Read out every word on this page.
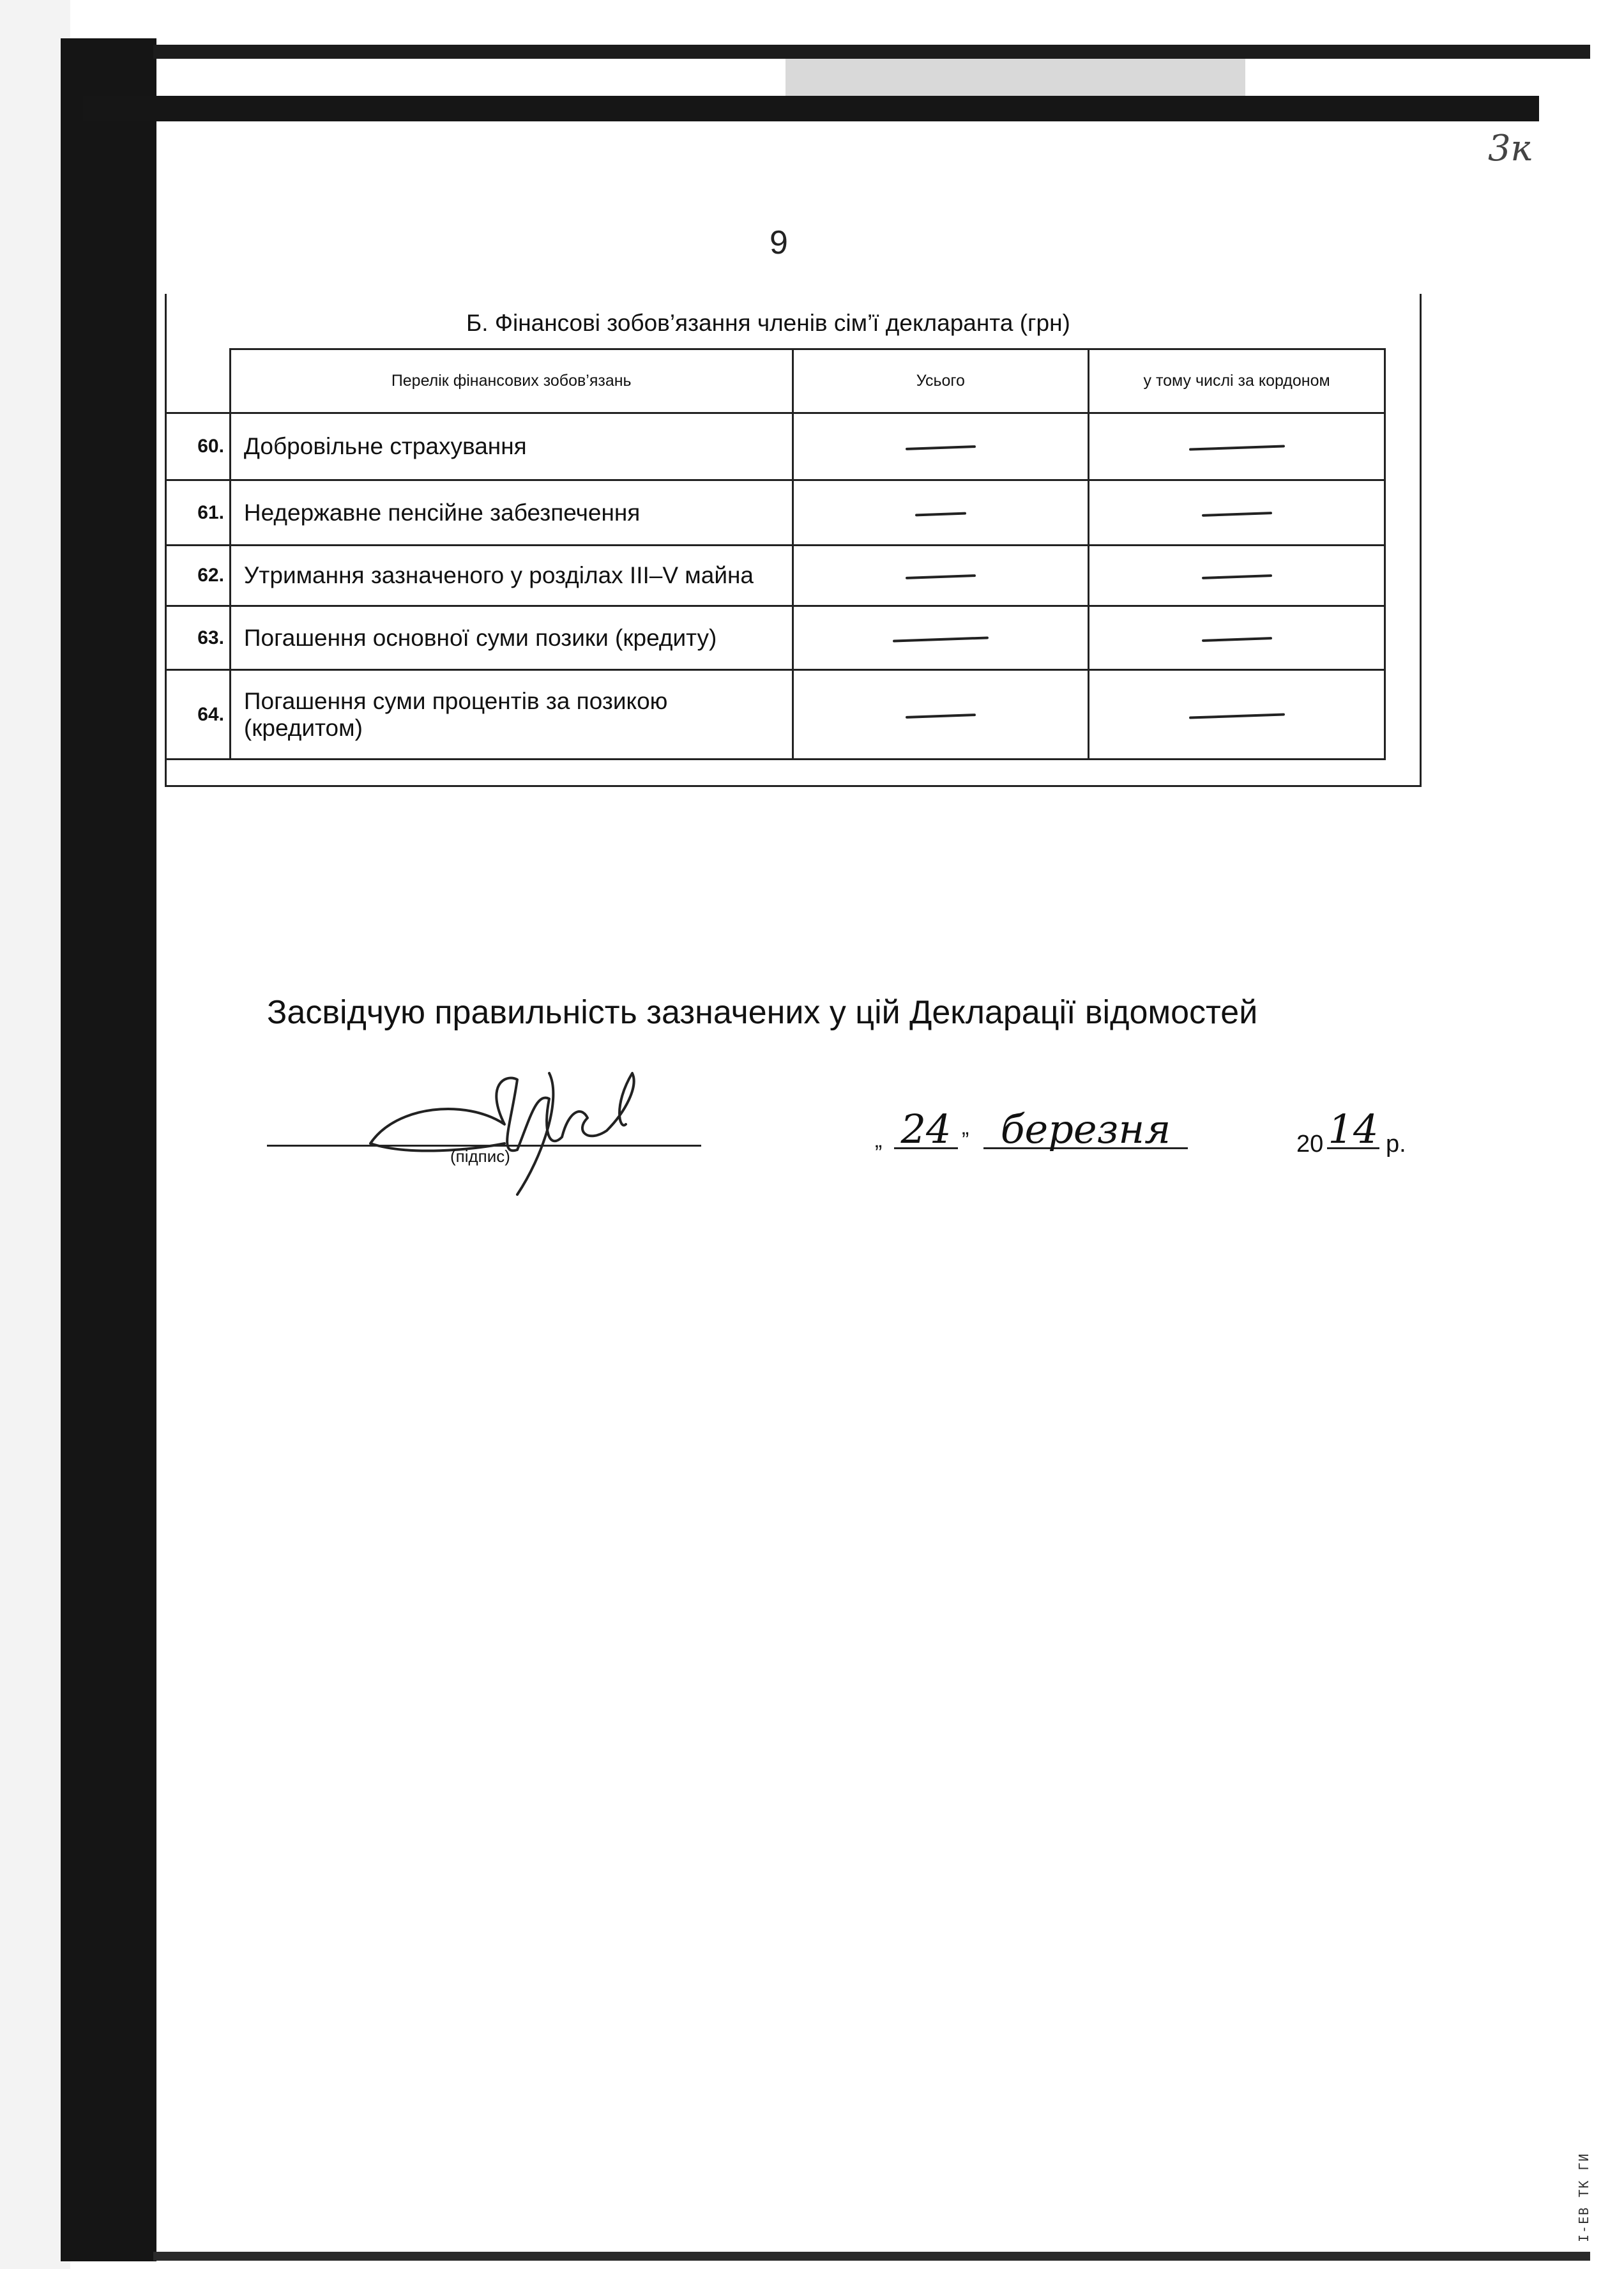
I-ЕВ ТК ГИ
3ĸ
9
Б. Фінансові зобов’язання членів сім’ї декларанта (грн)
	Перелік фінансових зобов’язань	Усього	у тому числі за кордоном
60.	Добровільне страхування		
61.	Недержавне пенсійне забезпечення		
62.	Утримання зазначеного у розділах III–V майна		
63.	Погашення основної суми позики (кредиту)		
64.	Погашення суми процентів за позикою (кредитом)		
Засвідчую правильність зазначених у цій Декларації відомостей
(підпис)
„ 24 ” березня	20 14 р.
